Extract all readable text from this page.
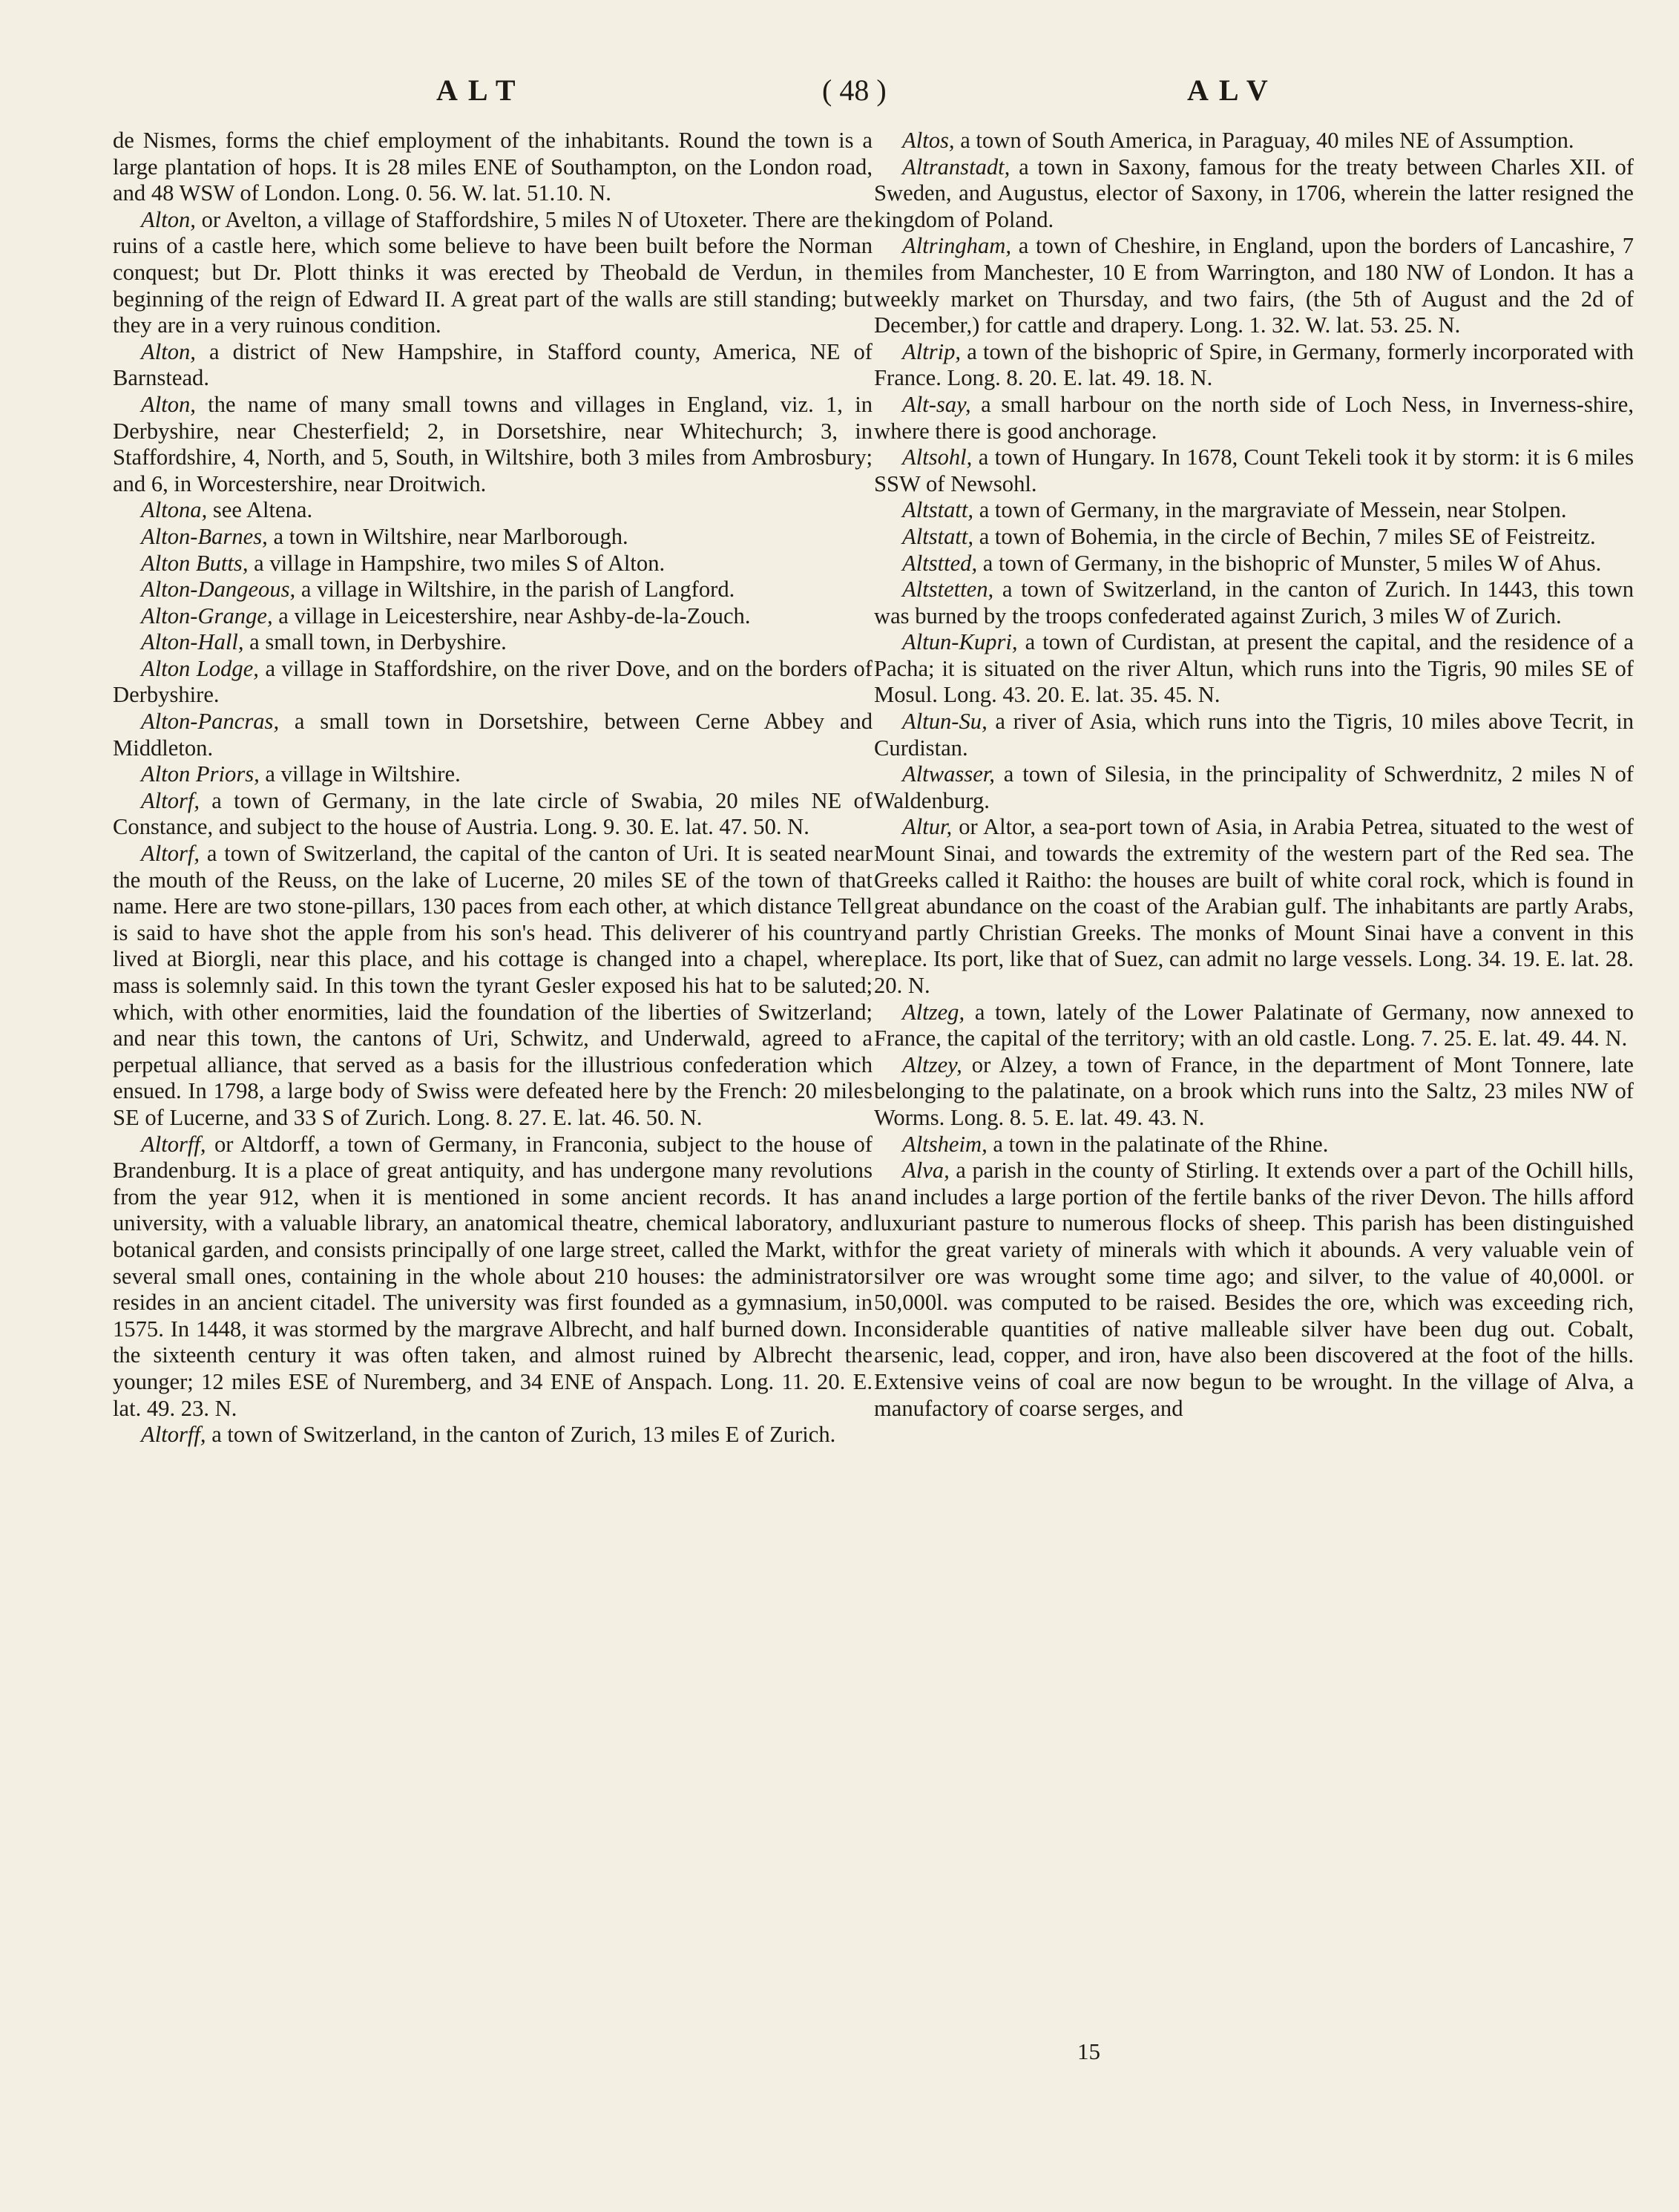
ALT	( 48 )	ALV

de Nismes, forms the chief employment of the inhabitants. Round the town is a large plantation of hops. It is 28 miles ENE of Southampton, on the London road, and 48 WSW of London. Long. 0. 56. W. lat. 51.10. N.

Alton, or Avelton, a village of Staffordshire, 5 miles N of Utoxeter. There are the ruins of a castle here, which some believe to have been built before the Norman conquest; but Dr. Plott thinks it was erected by Theobald de Verdun, in the beginning of the reign of Edward II. A great part of the walls are still standing; but they are in a very ruinous condition.

Alton, a district of New Hampshire, in Stafford county, America, NE of Barnstead.

Alton, the name of many small towns and villages in England, viz. 1, in Derbyshire, near Chesterfield; 2, in Dorsetshire, near Whitechurch; 3, in Staffordshire, 4, North, and 5, South, in Wiltshire, both 3 miles from Ambrosbury; and 6, in Worcestershire, near Droitwich.

Altona, see Altena.

Alton-Barnes, a town in Wiltshire, near Marlborough.

Alton Butts, a village in Hampshire, two miles S of Alton.

Alton-Dangeous, a village in Wiltshire, in the parish of Langford.

Alton-Grange, a village in Leicestershire, near Ashby-de-la-Zouch.

Alton-Hall, a small town, in Derbyshire.

Alton Lodge, a village in Staffordshire, on the river Dove, and on the borders of Derbyshire.

Alton-Pancras, a small town in Dorsetshire, between Cerne Abbey and Middleton.

Alton Priors, a village in Wiltshire.

Altorf, a town of Germany, in the late circle of Swabia, 20 miles NE of Constance, and subject to the house of Austria. Long. 9. 30. E. lat. 47. 50. N.

Altorf, a town of Switzerland, the capital of the canton of Uri. It is seated near the mouth of the Reuss, on the lake of Lucerne, 20 miles SE of the town of that name. Here are two stone-pillars, 130 paces from each other, at which distance Tell is said to have shot the apple from his son's head. This deliverer of his country lived at Biorgli, near this place, and his cottage is changed into a chapel, where mass is solemnly said. In this town the tyrant Gesler exposed his hat to be saluted; which, with other enormities, laid the foundation of the liberties of Switzerland; and near this town, the cantons of Uri, Schwitz, and Underwald, agreed to a perpetual alliance, that served as a basis for the illustrious confederation which ensued. In 1798, a large body of Swiss were defeated here by the French: 20 miles SE of Lucerne, and 33 S of Zurich. Long. 8. 27. E. lat. 46. 50. N.

Altorff, or Altdorff, a town of Germany, in Franconia, subject to the house of Brandenburg. It is a place of great antiquity, and has undergone many revolutions from the year 912, when it is mentioned in some ancient records. It has an university, with a valuable library, an anatomical theatre, chemical laboratory, and botanical garden, and consists principally of one large street, called the Markt, with several small ones, containing in the whole about 210 houses: the administrator resides in an ancient citadel. The university was first founded as a gymnasium, in 1575. In 1448, it was stormed by the margrave Albrecht, and half burned down. In the sixteenth century it was often taken, and almost ruined by Albrecht the younger; 12 miles ESE of Nuremberg, and 34 ENE of Anspach. Long. 11. 20. E. lat. 49. 23. N.

Altorff, a town of Switzerland, in the canton of Zurich, 13 miles E of Zurich.

Altos, a town of South America, in Paraguay, 40 miles NE of Assumption.

Altranstadt, a town in Saxony, famous for the treaty between Charles XII. of Sweden, and Augustus, elector of Saxony, in 1706, wherein the latter resigned the kingdom of Poland.

Altringham, a town of Cheshire, in England, upon the borders of Lancashire, 7 miles from Manchester, 10 E from Warrington, and 180 NW of London. It has a weekly market on Thursday, and two fairs, (the 5th of August and the 2d of December,) for cattle and drapery. Long. 1. 32. W. lat. 53. 25. N.

Altrip, a town of the bishopric of Spire, in Germany, formerly incorporated with France. Long. 8. 20. E. lat. 49. 18. N.

Alt-say, a small harbour on the north side of Loch Ness, in Inverness-shire, where there is good anchorage.

Altsohl, a town of Hungary. In 1678, Count Tekeli took it by storm: it is 6 miles SSW of Newsohl.

Altstatt, a town of Germany, in the margraviate of Messein, near Stolpen.

Altstatt, a town of Bohemia, in the circle of Bechin, 7 miles SE of Feistreitz.

Altstted, a town of Germany, in the bishopric of Munster, 5 miles W of Ahus.

Altstetten, a town of Switzerland, in the canton of Zurich. In 1443, this town was burned by the troops confederated against Zurich, 3 miles W of Zurich.

Altun-Kupri, a town of Curdistan, at present the capital, and the residence of a Pacha; it is situated on the river Altun, which runs into the Tigris, 90 miles SE of Mosul. Long. 43. 20. E. lat. 35. 45. N.

Altun-Su, a river of Asia, which runs into the Tigris, 10 miles above Tecrit, in Curdistan.

Altwasser, a town of Silesia, in the principality of Schwerdnitz, 2 miles N of Waldenburg.

Altur, or Altor, a sea-port town of Asia, in Arabia Petrea, situated to the west of Mount Sinai, and towards the extremity of the western part of the Red sea. The Greeks called it Raitho: the houses are built of white coral rock, which is found in great abundance on the coast of the Arabian gulf. The inhabitants are partly Arabs, and partly Christian Greeks. The monks of Mount Sinai have a convent in this place. Its port, like that of Suez, can admit no large vessels. Long. 34. 19. E. lat. 28. 20. N.

Altzeg, a town, lately of the Lower Palatinate of Germany, now annexed to France, the capital of the territory; with an old castle. Long. 7. 25. E. lat. 49. 44. N.

Altzey, or Alzey, a town of France, in the department of Mont Tonnere, late belonging to the palatinate, on a brook which runs into the Saltz, 23 miles NW of Worms. Long. 8. 5. E. lat. 49. 43. N.

Altsheim, a town in the palatinate of the Rhine.

Alva, a parish in the county of Stirling. It extends over a part of the Ochill hills, and includes a large portion of the fertile banks of the river Devon. The hills afford luxuriant pasture to numerous flocks of sheep. This parish has been distinguished for the great variety of minerals with which it abounds. A very valuable vein of silver ore was wrought some time ago; and silver, to the value of 40,000l. or 50,000l. was computed to be raised. Besides the ore, which was exceeding rich, considerable quantities of native malleable silver have been dug out. Cobalt, arsenic, lead, copper, and iron, have also been discovered at the foot of the hills. Extensive veins of coal are now begun to be wrought. In the village of Alva, a manufactory of coarse serges, and

15
